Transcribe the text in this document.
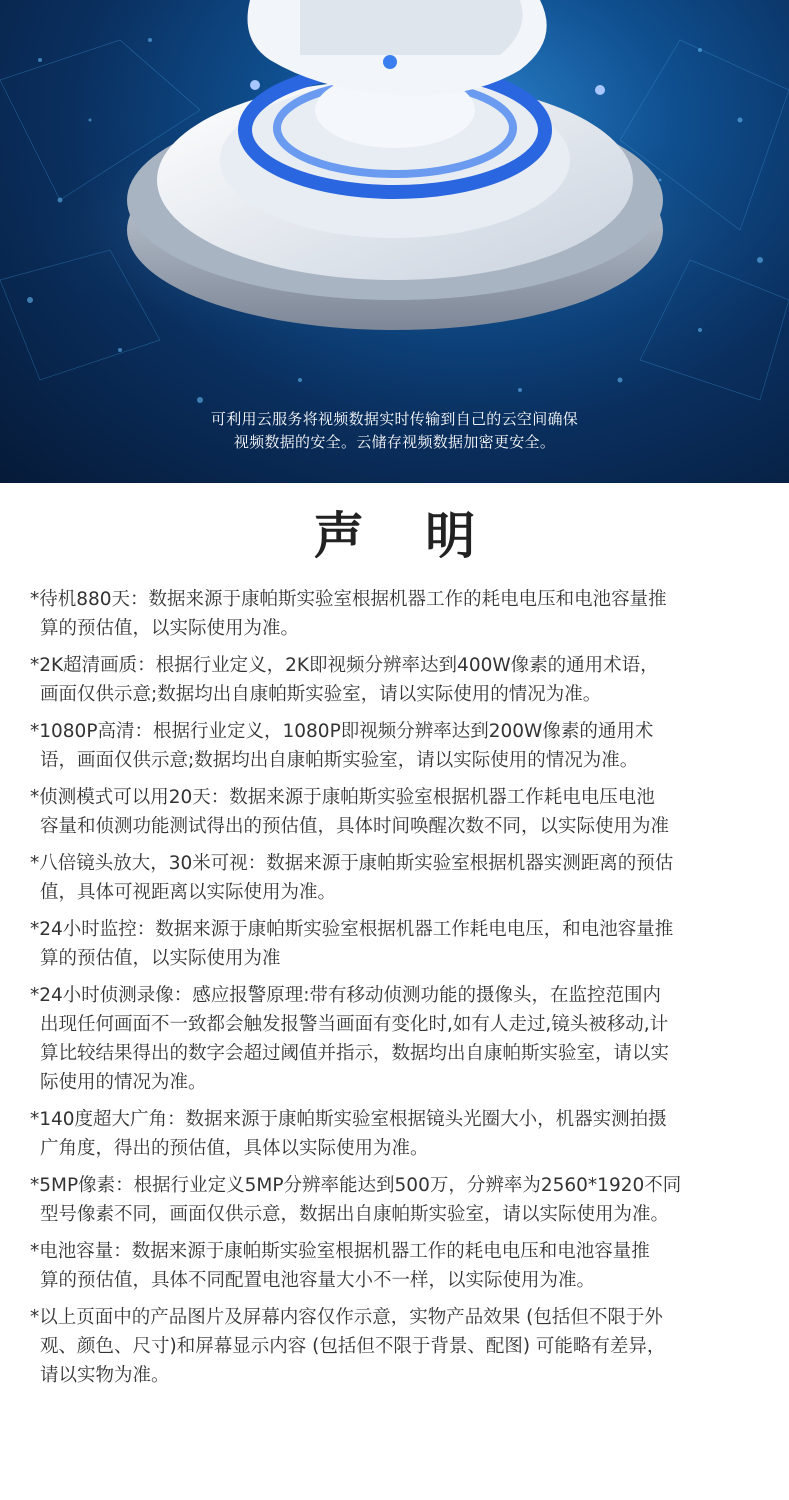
可利用云服务将视频数据实时传输到自己的云空间确保
视频数据的安全。云储存视频数据加密更安全。
声 明
*待机880天：数据来源于康帕斯实验室根据机器工作的耗电电压和电池容量推
算的预估值，以实际使用为准。
*2K超清画质：根据行业定义，2K即视频分辨率达到400W像素的通用术语，
画面仅供示意;数据均出自康帕斯实验室，请以实际使用的情况为准。
*1080P高清：根据行业定义，1080P即视频分辨率达到200W像素的通用术
语，画面仅供示意;数据均出自康帕斯实验室，请以实际使用的情况为准。
*侦测模式可以用20天：数据来源于康帕斯实验室根据机器工作耗电电压电池
容量和侦测功能测试得出的预估值，具体时间唤醒次数不同，以实际使用为准
*八倍镜头放大，30米可视：数据来源于康帕斯实验室根据机器实测距离的预估
值，具体可视距离以实际使用为准。
*24小时监控：数据来源于康帕斯实验室根据机器工作耗电电压，和电池容量推
算的预估值，以实际使用为准
*24小时侦测录像：感应报警原理:带有移动侦测功能的摄像头，在监控范围内
出现任何画面不一致都会触发报警当画面有变化时,如有人走过,镜头被移动,计
算比较结果得出的数字会超过阈值并指示，数据均出自康帕斯实验室，请以实
际使用的情况为准。
*140度超大广角：数据来源于康帕斯实验室根据镜头光圈大小，机器实测拍摄
广角度，得出的预估值，具体以实际使用为准。
*5MP像素：根据行业定义5MP分辨率能达到500万，分辨率为2560*1920不同
型号像素不同，画面仅供示意，数据出自康帕斯实验室，请以实际使用为准。
*电池容量：数据来源于康帕斯实验室根据机器工作的耗电电压和电池容量推
算的预估值，具体不同配置电池容量大小不一样，以实际使用为准。
*以上页面中的产品图片及屏幕内容仅作示意，实物产品效果 (包括但不限于外
观、颜色、尺寸)和屏幕显示内容 (包括但不限于背景、配图) 可能略有差异，
请以实物为准。
